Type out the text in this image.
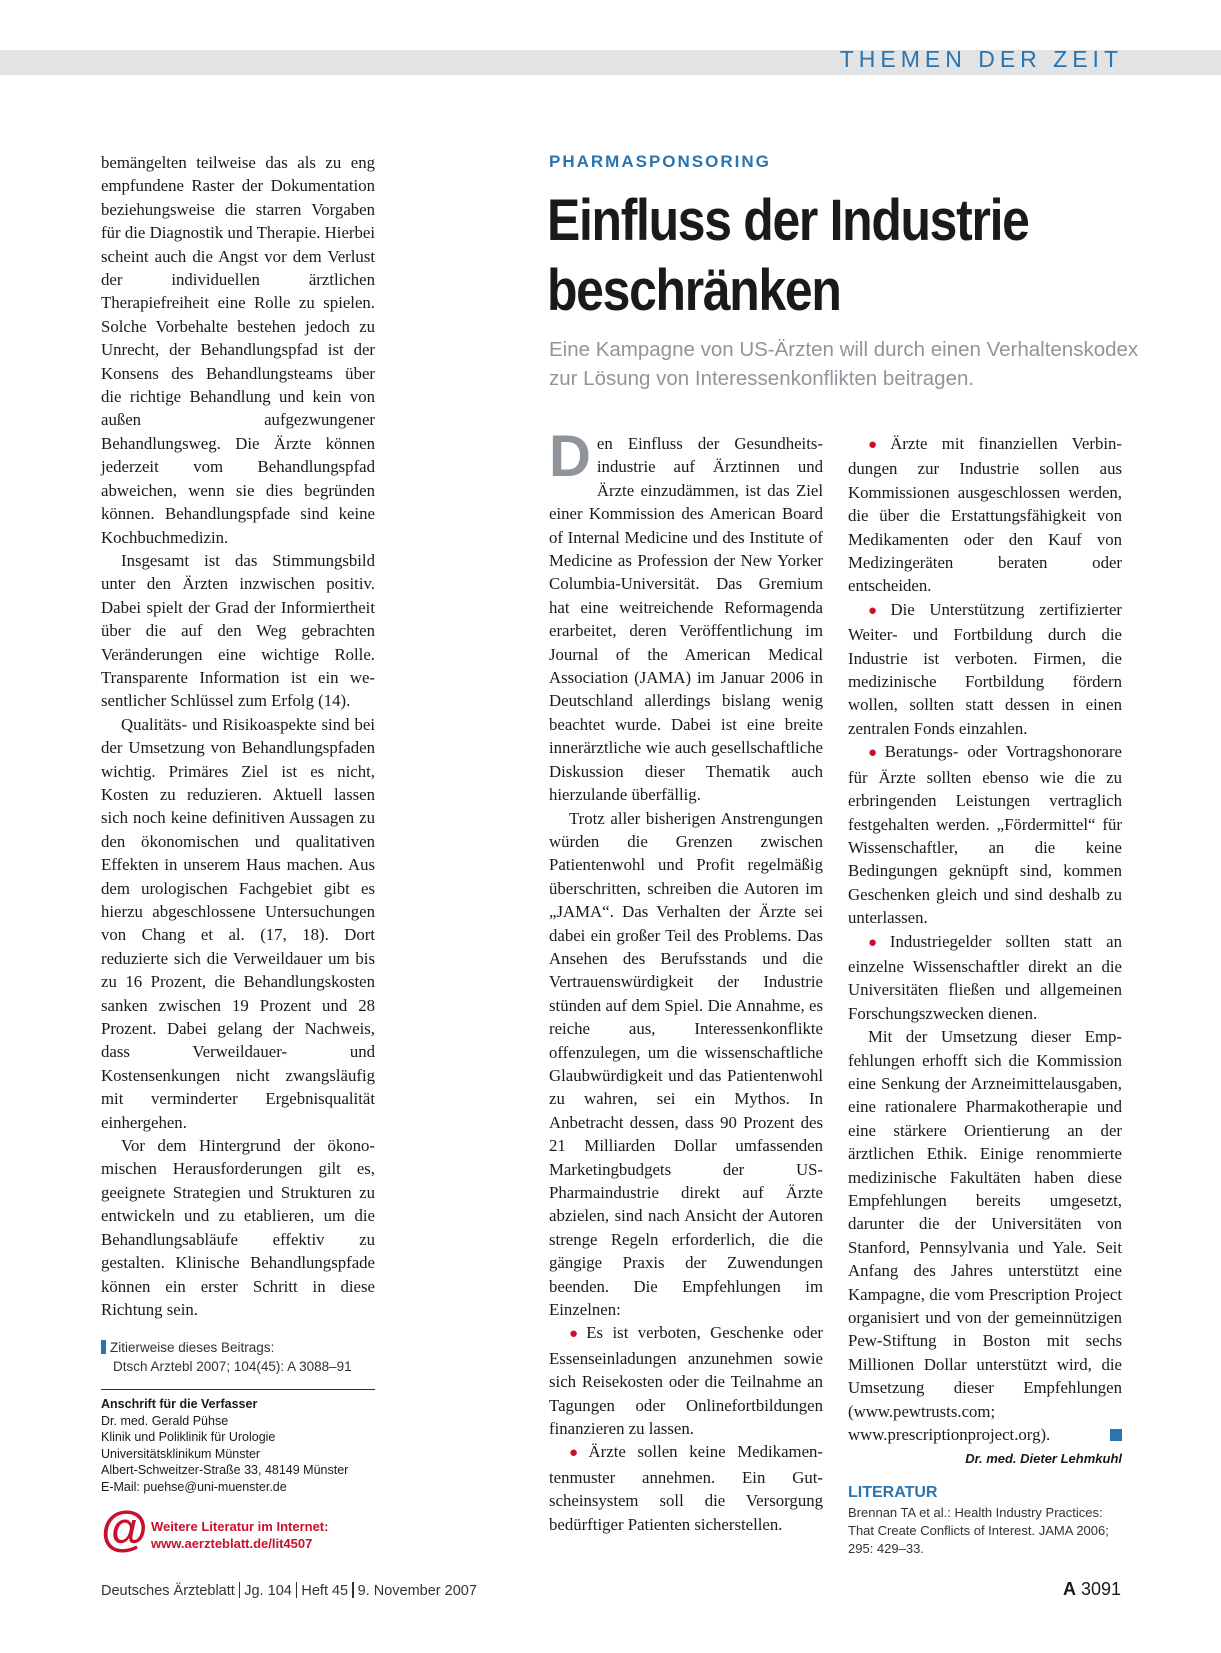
THEMEN DER ZEIT

bemängelten teilweise das als zu eng empfundene Raster der Dokumentation beziehungsweise die starren Vorgaben für die Diagnostik und Therapie. Hierbei scheint auch die Angst vor dem Verlust der individuellen ärztlichen Therapiefreiheit eine Rolle zu spielen. Solche Vorbehalte bestehen jedoch zu Unrecht, der Behandlungspfad ist der Konsens des Behandlungsteams über die richtige Behandlung und kein von außen aufgezwungener Behandlungsweg. Die Ärzte können jederzeit vom Behandlungspfad abweichen, wenn sie dies begründen können. Behandlungspfade sind keine Kochbuchmedizin.

Insgesamt ist das Stimmungsbild unter den Ärzten inzwischen positiv. Dabei spielt der Grad der Informiertheit über die auf den Weg gebrachten Veränderungen eine wichtige Rolle. Transparente Information ist ein wesentlicher Schlüssel zum Erfolg (14).

Qualitäts- und Risikoaspekte sind bei der Umsetzung von Behandlungspfaden wichtig. Primäres Ziel ist es nicht, Kosten zu reduzieren. Aktuell lassen sich noch keine definitiven Aussagen zu den ökonomischen und qualitativen Effekten in unserem Haus machen. Aus dem urologischen Fachgebiet gibt es hierzu abgeschlossene Untersuchungen von Chang et al. (17, 18). Dort reduzierte sich die Verweildauer um bis zu 16 Prozent, die Behandlungskosten sanken zwischen 19 Prozent und 28 Prozent. Dabei gelang der Nachweis, dass Verweildauer- und Kostensenkungen nicht zwangsläufig mit verminderter Ergebnisqualität einhergehen.

Vor dem Hintergrund der ökonomischen Herausforderungen gilt es, geeignete Strategien und Strukturen zu entwickeln und zu etablieren, um die Behandlungsabläufe effektiv zu gestalten. Klinische Behandlungspfade können ein erster Schritt in diese Richtung sein.

Zitierweise dieses Beitrags:
Dtsch Arztebl 2007; 104(45): A 3088–91
Anschrift für die Verfasser
Dr. med. Gerald Pühse
Klinik und Poliklinik für Urologie
Universitätsklinikum Münster
Albert-Schweitzer-Straße 33, 48149 Münster
E-Mail: puehse@uni-muenster.de
@ Weitere Literatur im Internet:
www.aerzteblatt.de/lit4507
PHARMASPONSORING
Einfluss der Industrie
beschränken
Eine Kampagne von US-Ärzten will durch einen Verhaltenskodex zur Lösung von Interessenkonflikten beitragen.

Den Einfluss der Gesundheitsindustrie auf Ärztinnen und Ärzte einzudämmen, ist das Ziel einer Kommission des American Board of Internal Medicine und des Institute of Medicine as Profession der New Yorker Columbia-Universität. Das Gremium hat eine weitreichende Reformagenda erarbeitet, deren Veröffentlichung im Journal of the American Medical Association (JAMA) im Januar 2006 in Deutschland allerdings bislang wenig beachtet wurde. Dabei ist eine breite innerärztliche wie auch gesellschaftliche Diskussion dieser Thematik auch hierzulande überfällig.

Trotz aller bisherigen Anstrengungen würden die Grenzen zwischen Patientenwohl und Profit regelmäßig überschritten, schreiben die Autoren im „JAMA“. Das Verhalten der Ärzte sei dabei ein großer Teil des Problems. Das Ansehen des Berufsstands und die Vertrauenswürdigkeit der Industrie stünden auf dem Spiel. Die Annahme, es reiche aus, Interessenkonflikte offenzulegen, um die wissenschaftliche Glaubwürdigkeit und das Patientenwohl zu wahren, sei ein Mythos. In Anbetracht dessen, dass 90 Prozent des 21 Milliarden Dollar umfassenden Marketingbudgets der US-Pharmaindustrie direkt auf Ärzte abzielen, sind nach Ansicht der Autoren strenge Regeln erforderlich, die die gängige Praxis der Zuwendungen beenden. Die Empfehlungen im Einzelnen:

● Es ist verboten, Geschenke oder Essenseinladungen anzunehmen sowie sich Reisekosten oder die Teilnahme an Tagungen oder Onlinefortbildungen finanzieren zu lassen.

● Ärzte sollen keine Medikamentenmuster annehmen. Ein Gutscheinsystem soll die Versorgung bedürftiger Patienten sicherstellen.

● Ärzte mit finanziellen Verbindungen zur Industrie sollen aus Kommissionen ausgeschlossen werden, die über die Erstattungsfähigkeit von Medikamenten oder den Kauf von Medizingeräten beraten oder entscheiden.

● Die Unterstützung zertifizierter Weiter- und Fortbildung durch die Industrie ist verboten. Firmen, die medizinische Fortbildung fördern wollen, sollten statt dessen in einen zentralen Fonds einzahlen.

● Beratungs- oder Vortragshonorare für Ärzte sollten ebenso wie die zu erbringenden Leistungen vertraglich festgehalten werden. „Fördermittel“ für Wissenschaftler, an die keine Bedingungen geknüpft sind, kommen Geschenken gleich und sind deshalb zu unterlassen.

● Industriegelder sollten statt an einzelne Wissenschaftler direkt an die Universitäten fließen und allgemeinen Forschungszwecken dienen.

Mit der Umsetzung dieser Empfehlungen erhofft sich die Kommission eine Senkung der Arzneimittelausgaben, eine rationalere Pharmakotherapie und eine stärkere Orientierung an der ärztlichen Ethik. Einige renommierte medizinische Fakultäten haben diese Empfehlungen bereits umgesetzt, darunter die der Universitäten von Stanford, Pennsylvania und Yale. Seit Anfang des Jahres unterstützt eine Kampagne, die vom Prescription Project organisiert und von der gemeinnützigen Pew-Stiftung in Boston mit sechs Millionen Dollar unterstützt wird, die Umsetzung dieser Empfehlungen (www.pewtrusts.com; www.prescriptionproject.org).

Dr. med. Dieter Lehmkuhl
LITERATUR
Brennan TA et al.: Health Industry Practices: That Create Conflicts of Interest. JAMA 2006; 295: 429–33.
Deutsches Ärzteblatt Jg. 104 Heft 45 9. November 2007	A 3091
